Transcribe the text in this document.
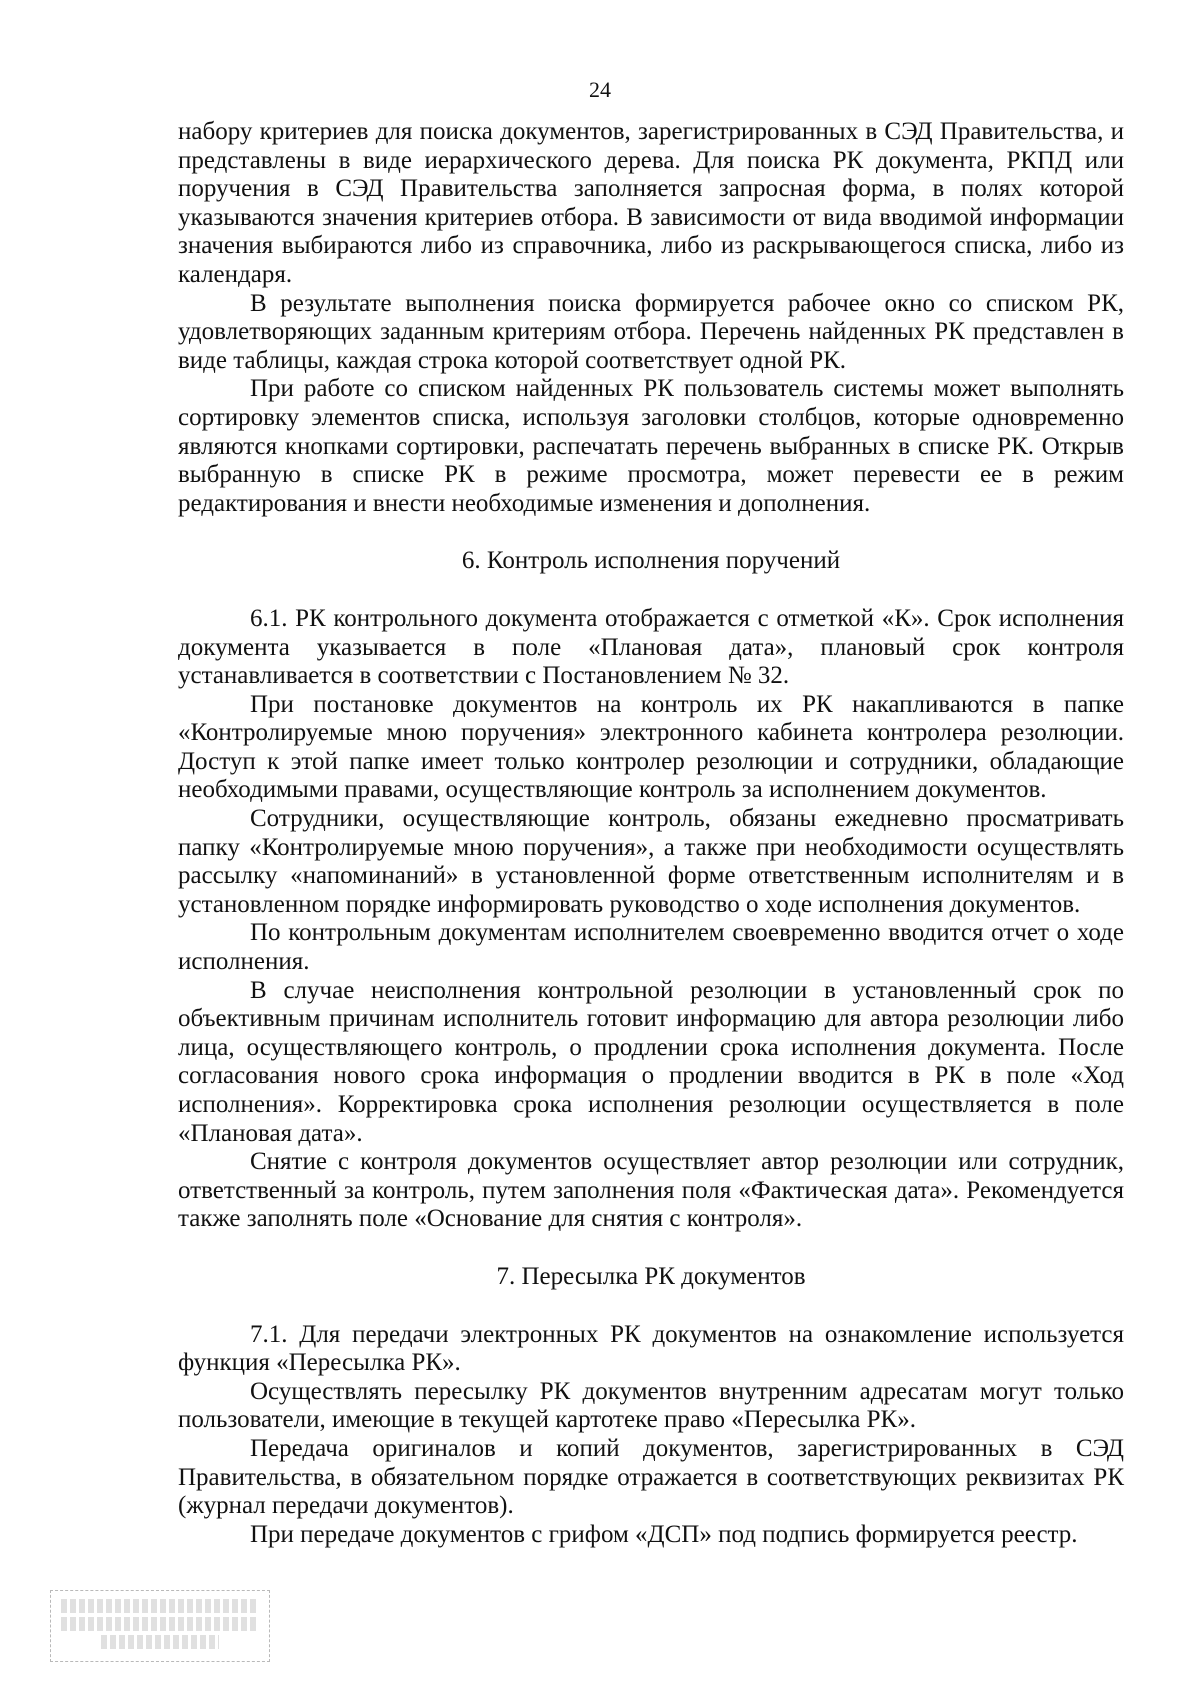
24

набору критериев для поиска документов, зарегистрированных в СЭД Правительства, и представлены в виде иерархического дерева. Для поиска РК документа, РКПД или поручения в СЭД Правительства заполняется запросная форма, в полях которой указываются значения критериев отбора. В зависимости от вида вводимой информации значения выбираются либо из справочника, либо из раскрывающегося списка, либо из календаря.

В результате выполнения поиска формируется рабочее окно со списком РК, удовлетворяющих заданным критериям отбора. Перечень найденных РК представлен в виде таблицы, каждая строка которой соответствует одной РК.

При работе со списком найденных РК пользователь системы может выполнять сортировку элементов списка, используя заголовки столбцов, которые одновременно являются кнопками сортировки, распечатать перечень выбранных в списке РК. Открыв выбранную в списке РК в режиме просмотра, может перевести ее в режим редактирования и внести необходимые изменения и дополнения.

6. Контроль исполнения поручений

6.1. РК контрольного документа отображается с отметкой «К». Срок исполнения документа указывается в поле «Плановая дата», плановый срок контроля устанавливается в соответствии с Постановлением № 32.

При постановке документов на контроль их РК накапливаются в папке «Контролируемые мною поручения» электронного кабинета контролера резолюции. Доступ к этой папке имеет только контролер резолюции и сотрудники, обладающие необходимыми правами, осуществляющие контроль за исполнением документов.

Сотрудники, осуществляющие контроль, обязаны ежедневно просматривать папку «Контролируемые мною поручения», а также при необходимости осуществлять рассылку «напоминаний» в установленной форме ответственным исполнителям и в установленном порядке информировать руководство о ходе исполнения документов.

По контрольным документам исполнителем своевременно вводится отчет о ходе исполнения.

В случае неисполнения контрольной резолюции в установленный срок по объективным причинам исполнитель готовит информацию для автора резолюции либо лица, осуществляющего контроль, о продлении срока исполнения документа. После согласования нового срока информация о продлении вводится в РК в поле «Ход исполнения». Корректировка срока исполнения резолюции осуществляется в поле «Плановая дата».

Снятие с контроля документов осуществляет автор резолюции или сотрудник, ответственный за контроль, путем заполнения поля «Фактическая дата». Рекомендуется также заполнять поле «Основание для снятия с контроля».

7. Пересылка РК документов

7.1. Для передачи электронных РК документов на ознакомление используется функция «Пересылка РК».

Осуществлять пересылку РК документов внутренним адресатам могут только пользователи, имеющие в текущей картотеке право «Пересылка РК».

Передача оригиналов и копий документов, зарегистрированных в СЭД Правительства, в обязательном порядке отражается в соответствующих реквизитах РК (журнал передачи документов).

При передаче документов с грифом «ДСП» под подпись формируется реестр.
